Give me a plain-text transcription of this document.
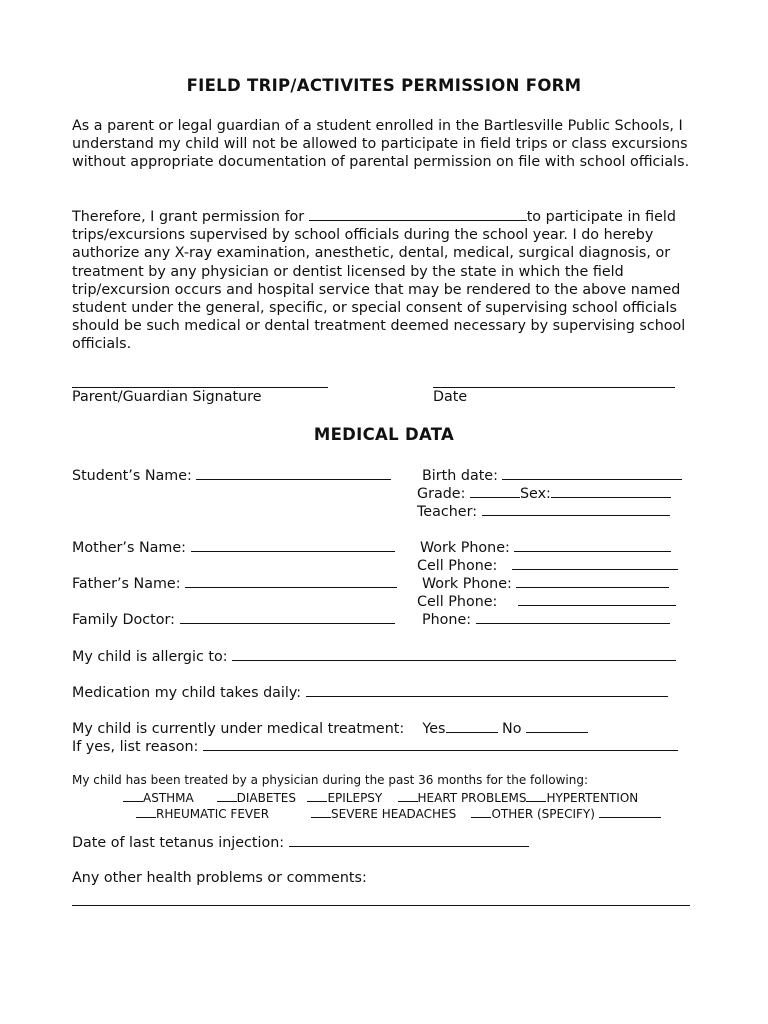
FIELD TRIP/ACTIVITES PERMISSION FORM

As a parent or legal guardian of a student enrolled in the Bartlesville Public Schools, I understand my child will not be allowed to participate in field trips or class excursions without appropriate documentation of parental permission on file with school officials.

Therefore, I grant permission for	to participate in field trips/excursions supervised by school officials during the school year. I do hereby authorize any X-ray examination, anesthetic, dental, medical, surgical diagnosis, or treatment by any physician or dentist licensed by the state in which the field trip/excursion occurs and hospital service that may be rendered to the above named student under the general, specific, or special consent of supervising school officials should be such medical or dental treatment deemed necessary by supervising school officials.

Parent/Guardian Signature	Date
MEDICAL DATA
Student’s Name:	Birth date:
Grade:	Sex:
Teacher:
Mother’s Name:	Work Phone:
Cell Phone:
Father’s Name:	Work Phone:
Cell Phone:
Family Doctor:	Phone:
My child is allergic to:
Medication my child takes daily:
My child is currently under medical treatment: Yes	No
If yes, list reason:
My child has been treated by a physician during the past 36 months for the following:
ASTHMA	DIABETES	EPILEPSY	HEART PROBLEMS HYPERTENTION
RHEUMATIC FEVER	SEVERE HEADACHES	OTHER (SPECIFY)
Date of last tetanus injection:
Any other health problems or comments:
